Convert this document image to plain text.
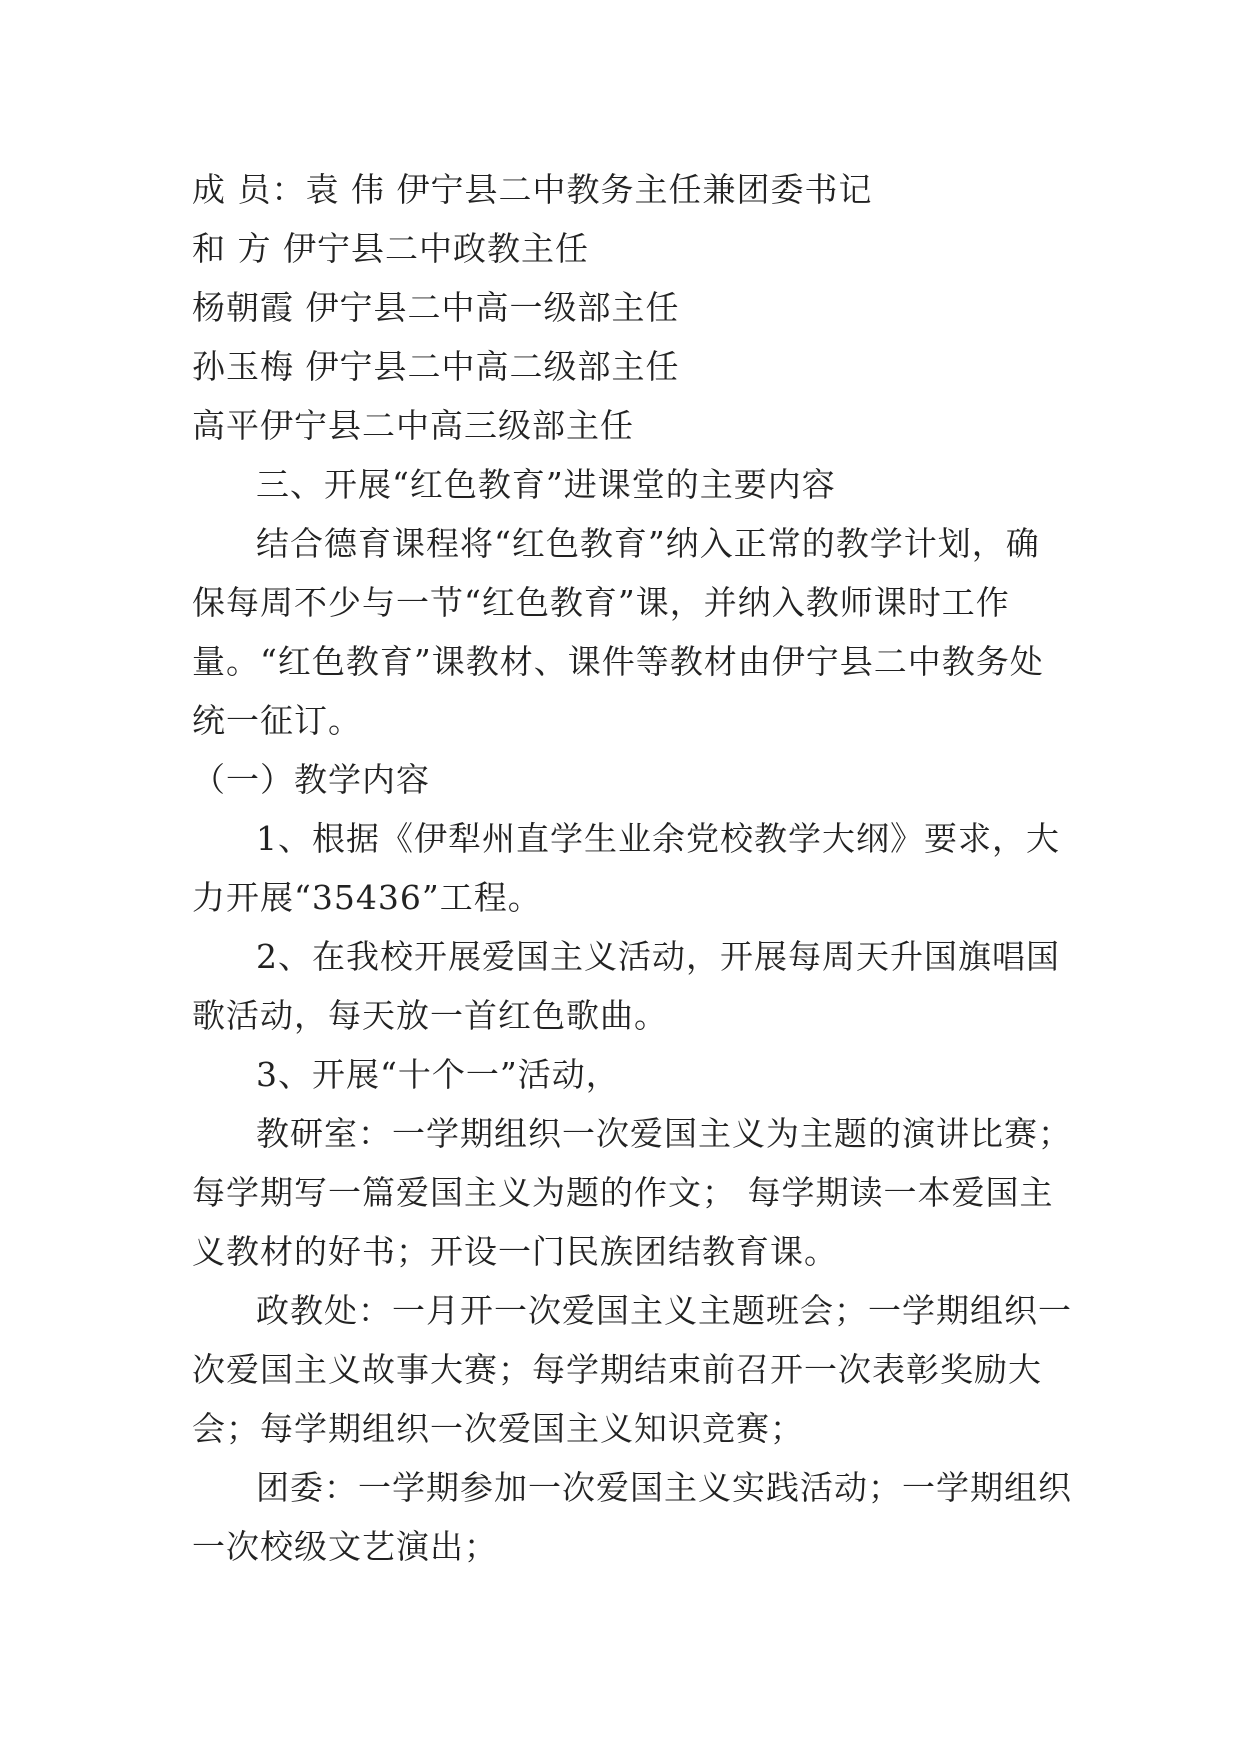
成 员：袁 伟 伊宁县二中教务主任兼团委书记

和 方 伊宁县二中政教主任

杨朝霞 伊宁县二中高一级部主任

孙玉梅 伊宁县二中高二级部主任

高平伊宁县二中高三级部主任

三、开展“红色教育”进课堂的主要内容

结合德育课程将“红色教育”纳入正常的教学计划，确保每周不少与一节“红色教育”课，并纳入教师课时工作量。“红色教育”课教材、课件等教材由伊宁县二中教务处统一征订。

（一）教学内容

1、根据《伊犁州直学生业余党校教学大纲》要求，大力开展“35436”工程。

2、在我校开展爱国主义活动，开展每周天升国旗唱国歌活动，每天放一首红色歌曲。

3、开展“十个一”活动，

教研室：一学期组织一次爱国主义为主题的演讲比赛；每学期写一篇爱国主义为题的作文； 每学期读一本爱国主义教材的好书；开设一门民族团结教育课。

政教处：一月开一次爱国主义主题班会；一学期组织一次爱国主义故事大赛；每学期结束前召开一次表彰奖励大会；每学期组织一次爱国主义知识竞赛；

团委：一学期参加一次爱国主义实践活动；一学期组织一次校级文艺演出；
